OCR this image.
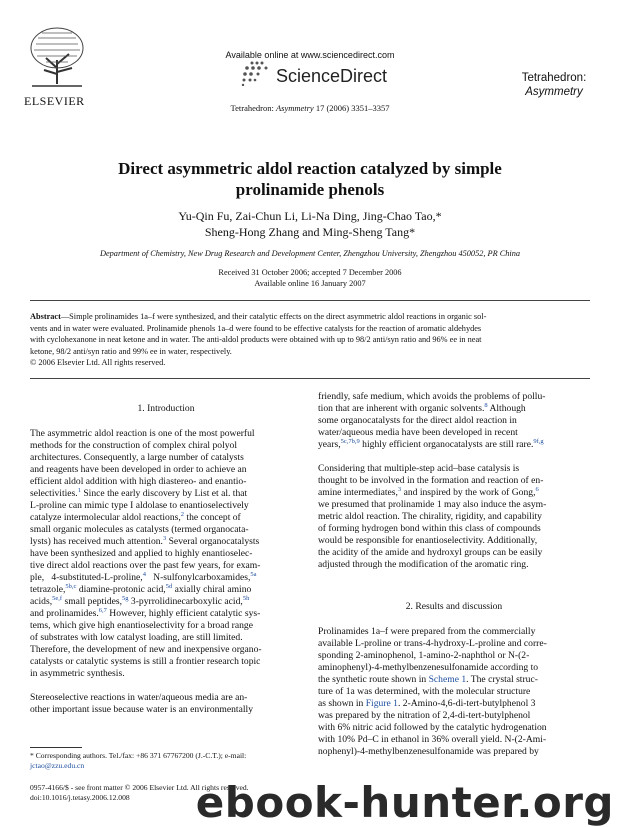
ELSEVIER
Available online at www.sciencedirect.com
ScienceDirect
Tetrahedron: Asymmetry 17 (2006) 3351–3357
Tetrahedron:
Asymmetry
Direct asymmetric aldol reaction catalyzed by simple
prolinamide phenols
Yu-Qin Fu, Zai-Chun Li, Li-Na Ding, Jing-Chao Tao,*
Sheng-Hong Zhang and Ming-Sheng Tang*
Department of Chemistry, New Drug Research and Development Center, Zhengzhou University, Zhengzhou 450052, PR China
Received 31 October 2006; accepted 7 December 2006
Available online 16 January 2007
Abstract—Simple prolinamides 1a–f were synthesized, and their catalytic effects on the direct asymmetric aldol reactions in organic sol-
vents and in water were evaluated. Prolinamide phenols 1a–d were found to be effective catalysts for the reaction of aromatic aldehydes
with cyclohexanone in neat ketone and in water. The anti-aldol products were obtained with up to 98/2 anti/syn ratio and 96% ee in neat
ketone, 98/2 anti/syn ratio and 99% ee in water, respectively.
© 2006 Elsevier Ltd. All rights reserved.
1. Introduction
The asymmetric aldol reaction is one of the most powerful
methods for the construction of complex chiral polyol
architectures. Consequently, a large number of catalysts
and reagents have been developed in order to achieve an
efficient aldol addition with high diastereo- and enantio-
selectivities.$^1$ Since the early discovery by List et al. that
L-proline can mimic type I aldolase to enantioselectively
catalyze intermolecular aldol reactions,$^2$ the concept of
small organic molecules as catalysts (termed organocata-
lysts) has received much attention.$^3$ Several organocatalysts
have been synthesized and applied to highly enantioselec-
tive direct aldol reactions over the past few years, for exam-
ple,   4-substituted-L-proline,$^4$   N-sulfonylcarboxamides,$^{5a}$
tetrazole,$^{5b,c}$ diamine-protonic acid,$^{5d}$ axially chiral amino
acids,$^{5e,f}$ small peptides,$^{5g}$ 3-pyrrolidinecarboxylic acid,$^{5h}$
and prolinamides.$^{6,7}$ However, highly efficient catalytic sys-
tems, which give high enantioselectivity for a broad range
of substrates with low catalyst loading, are still limited.
Therefore, the development of new and inexpensive organo-
catalysts or catalytic systems is still a frontier research topic
in asymmetric synthesis.
Stereoselective reactions in water/aqueous media are an-
other important issue because water is an environmentally
* Corresponding authors. Tel./fax: +86 371 67767200 (J.-C.T.); e-mail:
jctao@zzu.edu.cn
0957-4166/$ - see front matter © 2006 Elsevier Ltd. All rights reserved.
doi:10.1016/j.tetasy.2006.12.008
friendly, safe medium, which avoids the problems of pollu-
tion that are inherent with organic solvents.$^8$ Although
some organocatalysts for the direct aldol reaction in
water/aqueous media have been developed in recent
years,$^{5c,7b,9}$ highly efficient organocatalysts are still rare.$^{9f,g}$
Considering that multiple-step acid–base catalysis is
thought to be involved in the formation and reaction of en-
amine intermediates,$^3$ and inspired by the work of Gong,$^6$
we presumed that prolinamide 1 may also induce the asym-
metric aldol reaction. The chirality, rigidity, and capability
of forming hydrogen bond within this class of compounds
would be responsible for enantioselectivity. Additionally,
the acidity of the amide and hydroxyl groups can be easily
adjusted through the modification of the aromatic ring.
2. Results and discussion
Prolinamides 1a–f were prepared from the commercially
available L-proline or trans-4-hydroxy-L-proline and corre-
sponding 2-aminophenol, 1-amino-2-naphthol or N-(2-
aminophenyl)-4-methylbenzenesulfonamide according to
the synthetic route shown in Scheme 1. The crystal struc-
ture of 1a was determined, with the molecular structure
as shown in Figure 1. 2-Amino-4,6-di-tert-butylphenol 3
was prepared by the nitration of 2,4-di-tert-butylphenol
with 6% nitric acid followed by the catalytic hydrogenation
with 10% Pd–C in ethanol in 36% overall yield. N-(2-Ami-
nophenyl)-4-methylbenzenesulfonamide was prepared by
ebook-hunter.org
